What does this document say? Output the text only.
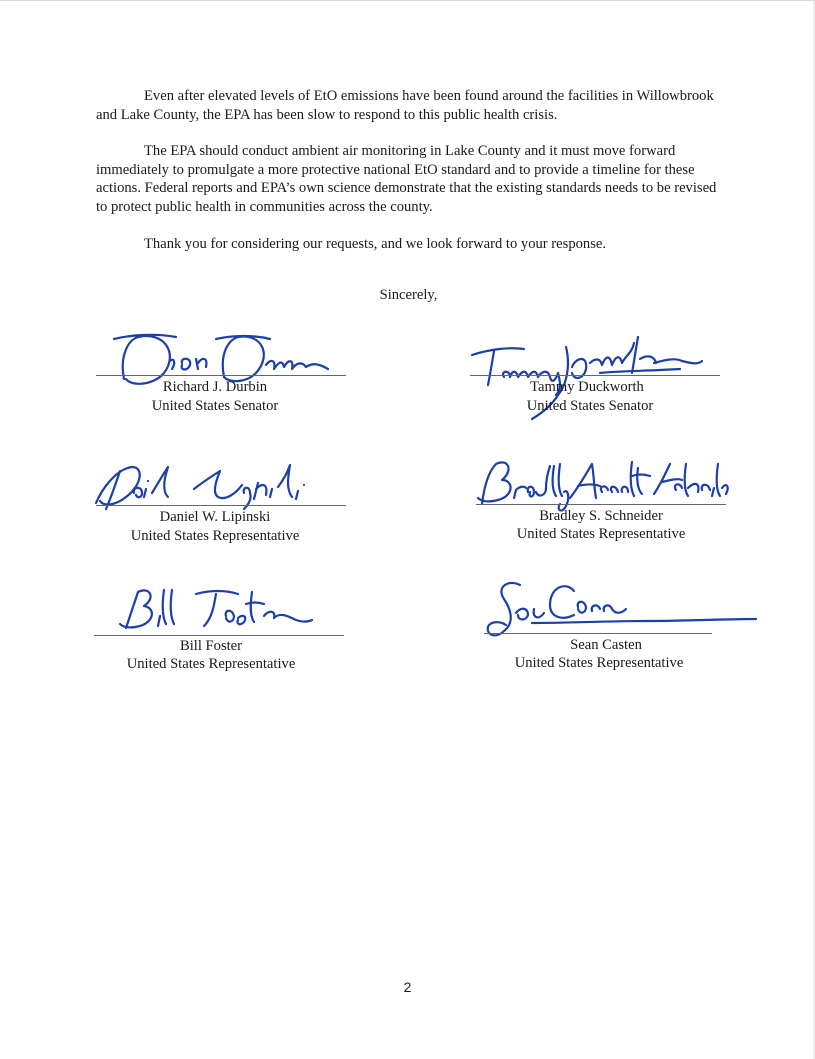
Even after elevated levels of EtO emissions have been found around the facilities in Willowbrook and Lake County, the EPA has been slow to respond to this public health crisis.

The EPA should conduct ambient air monitoring in Lake County and it must move forward immediately to promulgate a more protective national EtO standard and to provide a timeline for these actions. Federal reports and EPA’s own science demonstrate that the existing standards needs to be revised to protect public health in communities across the county.

Thank you for considering our requests, and we look forward to your response.

Sincerely,
Richard J. Durbin
United States Senator
Tammy Duckworth
United States Senator
Daniel W. Lipinski
United States Representative
Bradley S. Schneider
United States Representative
Bill Foster
United States Representative
Sean Casten
United States Representative
2
